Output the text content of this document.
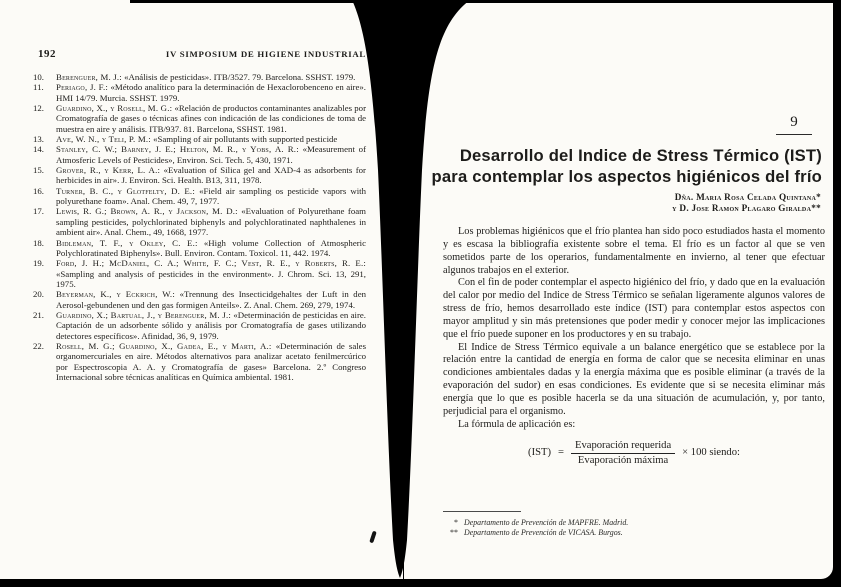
192	IV SIMPOSIUM DE HIGIENE INDUSTRIAL
10.	Berenguer, M. J.: «Análisis de pesticidas». ITB/3527. 79. Barcelona. SSHST. 1979.
11.	Periago, J. F.: «Método analítico para la determinación de Hexaclorobenceno en aire». HMI 14/79. Murcia. SSHST. 1979.
12.	Guardino, X., y Rosell, M. G.: «Relación de productos contaminantes analizables por Cromatografía de gases o técnicas afines con indicación de las condiciones de toma de muestra en aire y análisis. ITB/937. 81. Barcelona, SSHST. 1981.
13.	Ave, W. N., y Teli, P. M.: «Sampling of air pollutants with supported pesticide
14.	Stanley, C. W.; Barney, J. E.; Helton, M. R., y Yobs, A. R.: «Measurement of Atmosferic Levels of Pesticides», Environ. Sci. Tech. 5, 430, 1971.
15.	Grover, R., y Kerr, L. A.: «Evaluation of Silica gel and XAD-4 as adsorbents for herbicides in air». J. Environ. Sci. Health. B13, 311, 1978.
16.	Turner, B. C., y Glotfelty, D. E.: «Field air sampling os pesticide vapors with polyurethane foam». Anal. Chem. 49, 7, 1977.
17.	Lewis, R. G.; Brown, A. R., y Jackson, M. D.: «Evaluation of Polyurethane foam sampling pesticides, polychlorinated biphenyls and polychloratinated naphthalenes in ambient air». Anal. Chem., 49, 1668, 1977.
18.	Bidleman, T. F., y Okley, C. E.: «High volume Collection of Atmospheric Polychloratinated Biphenyls». Bull. Environ. Contam. Toxicol. 11, 442. 1974.
19.	Ford, J. H.; McDaniel, C. A.; White, F. C.; Vest, R. E., y Roberts, R. E.: «Sampling and analysis of pesticides in the environment». J. Chrom. Sci. 13, 291, 1975.
20.	Beyerman, K., y Eckrich, W.: «Trennung des Insecticidgehaltes der Luft in den Aerosol-gebundenen und den gas formigen Anteils». Z. Anal. Chem. 269, 279, 1974.
21.	Guardino, X.; Bartual, J., y Berenguer, M. J.: «Determinación de pesticidas en aire. Captación de un adsorbente sólido y análisis por Cromatografía de gases utilizando detectores específicos». Afinidad, 36, 9, 1979.
22.	Rosell, M. G.; Guardino, X., Gadea, E., y Marti, A.: «Determinación de sales organomercuriales en aire. Métodos alternativos para analizar acetato fenilmercúrico por Espectroscopia A. A. y Cromatografía de gases» Barcelona. 2.º Congreso Internacional sobre técnicas analíticas en Química ambiental. 1981.
9
Desarrollo del Indice de Stress Térmico (IST)
para contemplar los aspectos higiénicos del frío
Dña. Maria Rosa Celada Quintana*
y D. Jose Ramon Plagaro Giralda**

Los problemas higiénicos que el frío plantea han sido poco estudiados hasta el momento y es escasa la bibliografía existente sobre el tema. El frío es un factor al que se ven sometidos parte de los operarios, fundamentalmente en invierno, al tener que efectuar algunos trabajos en el exterior.

Con el fin de poder contemplar el aspecto higiénico del frío, y dado que en la evaluación del calor por medio del Indice de Stress Térmico se señalan ligeramente algunos valores de stress de frío, hemos desarrollado este índice (IST) para contemplar estos aspectos con mayor amplitud y sin más pretensiones que poder medir y conocer mejor las implicaciones que el frío puede suponer en los productores y en su trabajo.

El Indice de Stress Térmico equivale a un balance energético que se establece por la relación entre la cantidad de energía en forma de calor que se necesita eliminar en unas condiciones ambientales dadas y la energía máxima que es posible eliminar (a través de la evaporación del sudor) en esas condiciones. Es evidente que si se necesita eliminar más energía que lo que es posible hacerla se da una situación de acumulación, y, por tanto, perjudicial para el organismo.

La fórmula de aplicación es:

$(IST) = \frac{\text{Evaporación requerida}}{\text{Evaporación máxima}} \times 100$ siendo:
* Departamento de Prevención de MAPFRE. Madrid.
** Departamento de Prevención de VICASA. Burgos.
